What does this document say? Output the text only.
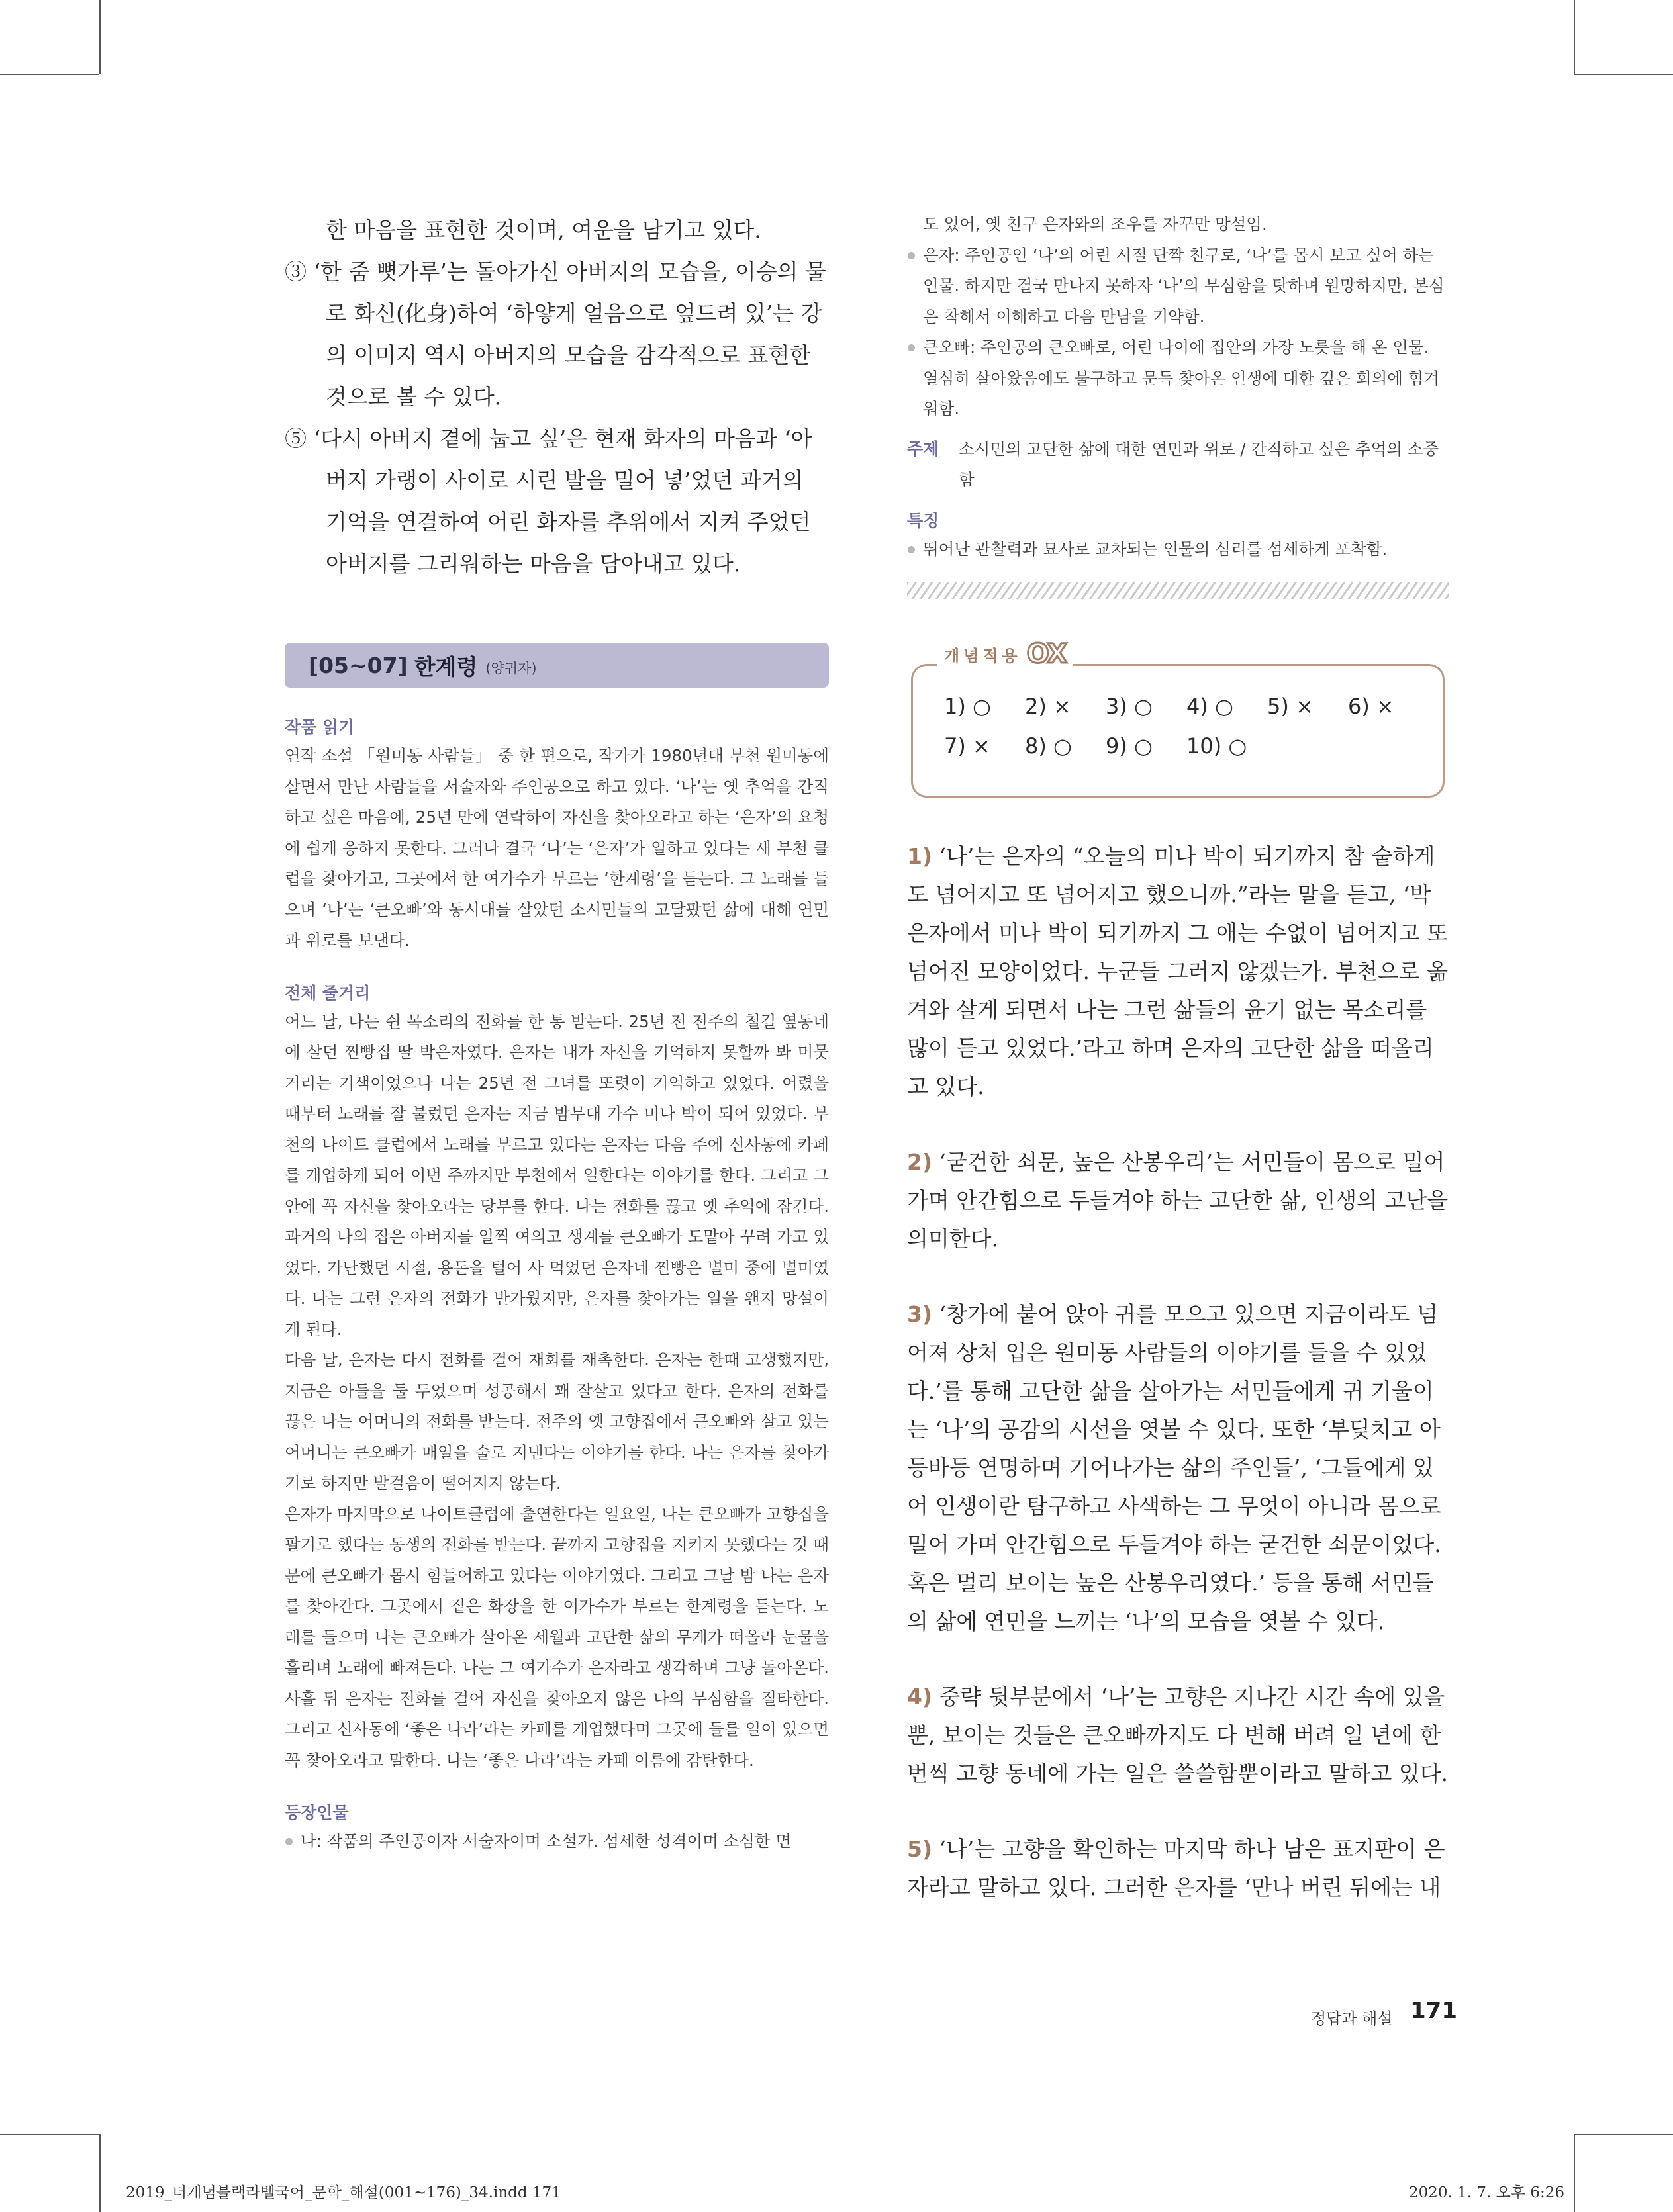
한 마음을 표현한 것이며, 여운을 남기고 있다.
③ ‘한 줌 뼛가루’는 돌아가신 아버지의 모습을, 이승의 물로 화신(化身)하여 ‘하얗게 얼음으로 엎드려 있’는 강의 이미지 역시 아버지의 모습을 감각적으로 표현한 것으로 볼 수 있다.
⑤ ‘다시 아버지 곁에 눕고 싶’은 현재 화자의 마음과 ‘아버지 가랭이 사이로 시린 발을 밀어 넣’었던 과거의 기억을 연결하여 어린 화자를 추위에서 지켜 주었던 아버지를 그리워하는 마음을 담아내고 있다.
[05~07] 한계령 (양귀자)
작품 읽기
연작 소설 「원미동 사람들」 중 한 편으로, 작가가 1980년대 부천 원미동에 살면서 만난 사람들을 서술자와 주인공으로 하고 있다. ‘나’는 옛 추억을 간직하고 싶은 마음에, 25년 만에 연락하여 자신을 찾아오라고 하는 ‘은자’의 요청에 쉽게 응하지 못한다. 그러나 결국 ‘나’는 ‘은자’가 일하고 있다는 새 부천 클럽을 찾아가고, 그곳에서 한 여가수가 부르는 ‘한계령’을 듣는다. 그 노래를 들으며 ‘나’는 ‘큰오빠’와 동시대를 살았던 소시민들의 고달팠던 삶에 대해 연민과 위로를 보낸다.
전체 줄거리
어느 날, 나는 쉰 목소리의 전화를 한 통 받는다. 25년 전 전주의 철길 옆동네에 살던 찐빵집 딸 박은자였다. 은자는 내가 자신을 기억하지 못할까 봐 머뭇거리는 기색이었으나 나는 25년 전 그녀를 또렷이 기억하고 있었다. 어렸을 때부터 노래를 잘 불렀던 은자는 지금 밤무대 가수 미나 박이 되어 있었다. 부천의 나이트 클럽에서 노래를 부르고 있다는 은자는 다음 주에 신사동에 카페를 개업하게 되어 이번 주까지만 부천에서 일한다는 이야기를 한다. 그리고 그 안에 꼭 자신을 찾아오라는 당부를 한다. 나는 전화를 끊고 옛 추억에 잠긴다. 과거의 나의 집은 아버지를 일찍 여의고 생계를 큰오빠가 도맡아 꾸려 가고 있었다. 가난했던 시절, 용돈을 털어 사 먹었던 은자네 찐빵은 별미 중에 별미였다. 나는 그런 은자의 전화가 반가웠지만, 은자를 찾아가는 일을 왠지 망설이게 된다.
다음 날, 은자는 다시 전화를 걸어 재회를 재촉한다. 은자는 한때 고생했지만, 지금은 아들을 둘 두었으며 성공해서 꽤 잘살고 있다고 한다. 은자의 전화를 끊은 나는 어머니의 전화를 받는다. 전주의 옛 고향집에서 큰오빠와 살고 있는 어머니는 큰오빠가 매일을 술로 지낸다는 이야기를 한다. 나는 은자를 찾아가기로 하지만 발걸음이 떨어지지 않는다.
은자가 마지막으로 나이트클럽에 출연한다는 일요일, 나는 큰오빠가 고향집을 팔기로 했다는 동생의 전화를 받는다. 끝까지 고향집을 지키지 못했다는 것 때문에 큰오빠가 몹시 힘들어하고 있다는 이야기였다. 그리고 그날 밤 나는 은자를 찾아간다. 그곳에서 짙은 화장을 한 여가수가 부르는 한계령을 듣는다. 노래를 들으며 나는 큰오빠가 살아온 세월과 고단한 삶의 무게가 떠올라 눈물을 흘리며 노래에 빠져든다. 나는 그 여가수가 은자라고 생각하며 그냥 돌아온다. 사흘 뒤 은자는 전화를 걸어 자신을 찾아오지 않은 나의 무심함을 질타한다. 그리고 신사동에 ‘좋은 나라’라는 카페를 개업했다며 그곳에 들를 일이 있으면 꼭 찾아오라고 말한다. 나는 ‘좋은 나라’라는 카페 이름에 감탄한다.
등장인물
나: 작품의 주인공이자 서술자이며 소설가. 섬세한 성격이며 소심한 면
도 있어, 옛 친구 은자와의 조우를 자꾸만 망설임.
은자: 주인공인 ‘나’의 어린 시절 단짝 친구로, ‘나’를 몹시 보고 싶어 하는 인물. 하지만 결국 만나지 못하자 ‘나’의 무심함을 탓하며 원망하지만, 본심은 착해서 이해하고 다음 만남을 기약함.
큰오빠: 주인공의 큰오빠로, 어린 나이에 집안의 가장 노릇을 해 온 인물. 열심히 살아왔음에도 불구하고 문득 찾아온 인생에 대한 깊은 회의에 힘겨워함.
주제	소시민의 고단한 삶에 대한 연민과 위로 / 간직하고 싶은 추억의 소중함
특징
뛰어난 관찰력과 묘사로 교차되는 인물의 심리를 섬세하게 포착함.
개념적용 OX
1) ○	2) ×	3) ○	4) ○	5) ×	6) ×
7) ×	8) ○	9) ○	10) ○
1) ‘나’는 은자의 “오늘의 미나 박이 되기까지 참 숱하게도 넘어지고 또 넘어지고 했으니까.”라는 말을 듣고, ‘박은자에서 미나 박이 되기까지 그 애는 수없이 넘어지고 또 넘어진 모양이었다. 누군들 그러지 않겠는가. 부천으로 옮겨와 살게 되면서 나는 그런 삶들의 윤기 없는 목소리를 많이 듣고 있었다.’라고 하며 은자의 고단한 삶을 떠올리고 있다.
2) ‘굳건한 쇠문, 높은 산봉우리’는 서민들이 몸으로 밀어 가며 안간힘으로 두들겨야 하는 고단한 삶, 인생의 고난을 의미한다.
3) ‘창가에 붙어 앉아 귀를 모으고 있으면 지금이라도 넘어져 상처 입은 원미동 사람들의 이야기를 들을 수 있었다.’를 통해 고단한 삶을 살아가는 서민들에게 귀 기울이는 ‘나’의 공감의 시선을 엿볼 수 있다. 또한 ‘부딪치고 아등바등 연명하며 기어나가는 삶의 주인들’, ‘그들에게 있어 인생이란 탐구하고 사색하는 그 무엇이 아니라 몸으로 밀어 가며 안간힘으로 두들겨야 하는 굳건한 쇠문이었다. 혹은 멀리 보이는 높은 산봉우리였다.’ 등을 통해 서민들의 삶에 연민을 느끼는 ‘나’의 모습을 엿볼 수 있다.
4) 중략 뒷부분에서 ‘나’는 고향은 지나간 시간 속에 있을 뿐, 보이는 것들은 큰오빠까지도 다 변해 버려 일 년에 한 번씩 고향 동네에 가는 일은 쓸쓸함뿐이라고 말하고 있다.
5) ‘나’는 고향을 확인하는 마지막 하나 남은 표지판이 은자라고 말하고 있다. 그러한 은자를 ‘만나 버린 뒤에는 내
정답과 해설 171
2019_더개념블랙라벨국어_문학_해설(001~176)_34.indd 171	2020. 1. 7. 오후 6:26
